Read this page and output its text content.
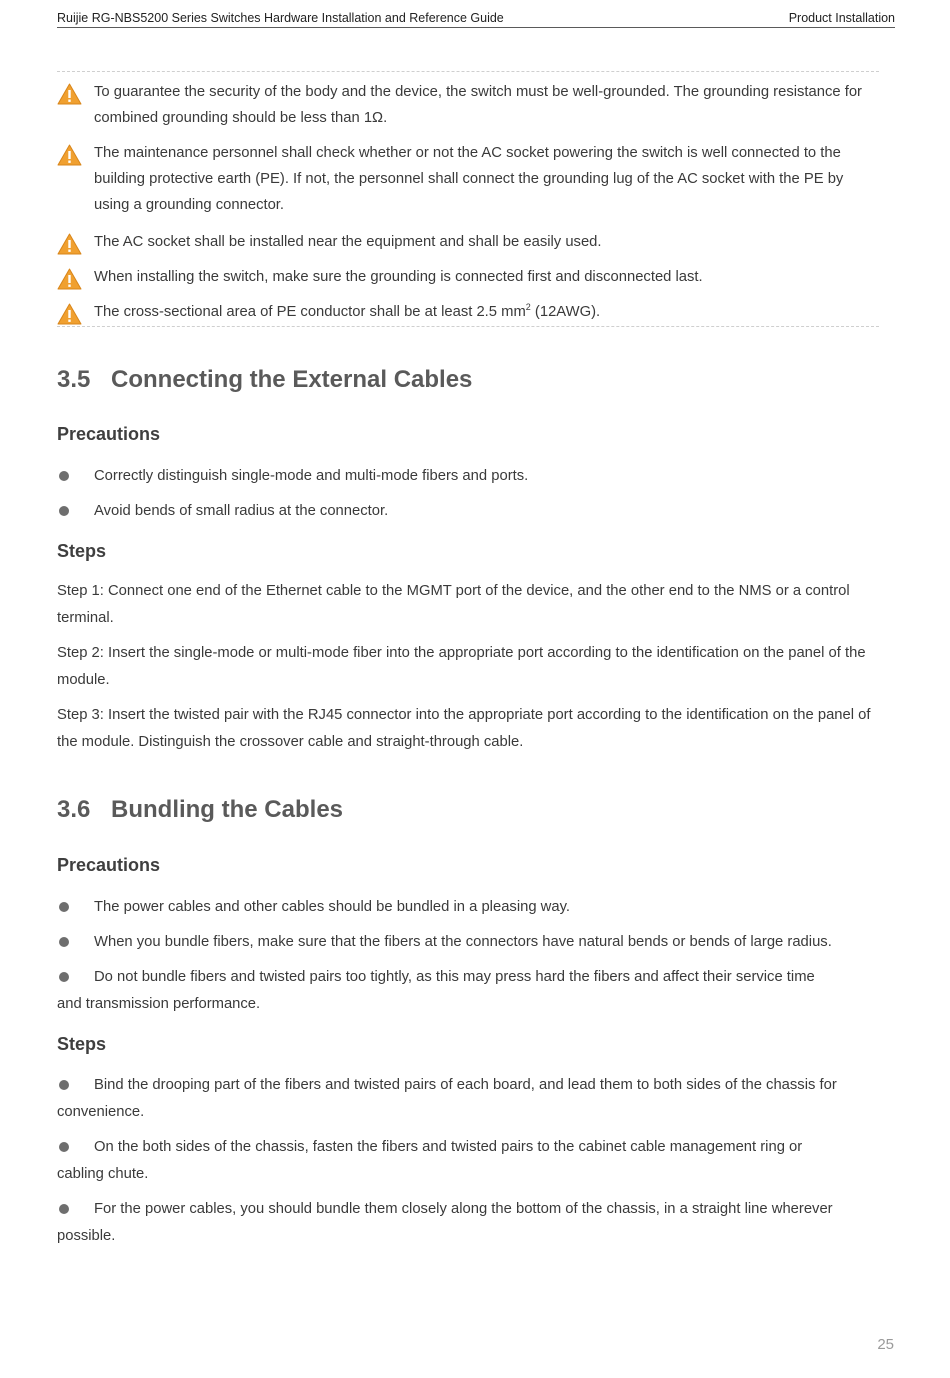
Ruijie RG-NBS5200 Series Switches Hardware Installation and Reference Guide	Product Installation
To guarantee the security of the body and the device, the switch must be well-grounded. The grounding resistance for combined grounding should be less than 1Ω.
The maintenance personnel shall check whether or not the AC socket powering the switch is well connected to the building protective earth (PE). If not, the personnel shall connect the grounding lug of the AC socket with the PE by using a grounding connector.
The AC socket shall be installed near the equipment and shall be easily used.
When installing the switch, make sure the grounding is connected first and disconnected last.
The cross-sectional area of PE conductor shall be at least 2.5 $mm^2$ (12AWG).
3.5 Connecting the External Cables
Precautions
Correctly distinguish single-mode and multi-mode fibers and ports.
Avoid bends of small radius at the connector.
Steps
Step 1: Connect one end of the Ethernet cable to the MGMT port of the device, and the other end to the NMS or a control terminal.
Step 2: Insert the single-mode or multi-mode fiber into the appropriate port according to the identification on the panel of the module.
Step 3: Insert the twisted pair with the RJ45 connector into the appropriate port according to the identification on the panel of the module. Distinguish the crossover cable and straight-through cable.
3.6 Bundling the Cables
Precautions
The power cables and other cables should be bundled in a pleasing way.
When you bundle fibers, make sure that the fibers at the connectors have natural bends or bends of large radius.
Do not bundle fibers and twisted pairs too tightly, as this may press hard the fibers and affect their service time and transmission performance.
Steps
Bind the drooping part of the fibers and twisted pairs of each board, and lead them to both sides of the chassis for convenience.
On the both sides of the chassis, fasten the fibers and twisted pairs to the cabinet cable management ring or cabling chute.
For the power cables, you should bundle them closely along the bottom of the chassis, in a straight line wherever possible.
25
